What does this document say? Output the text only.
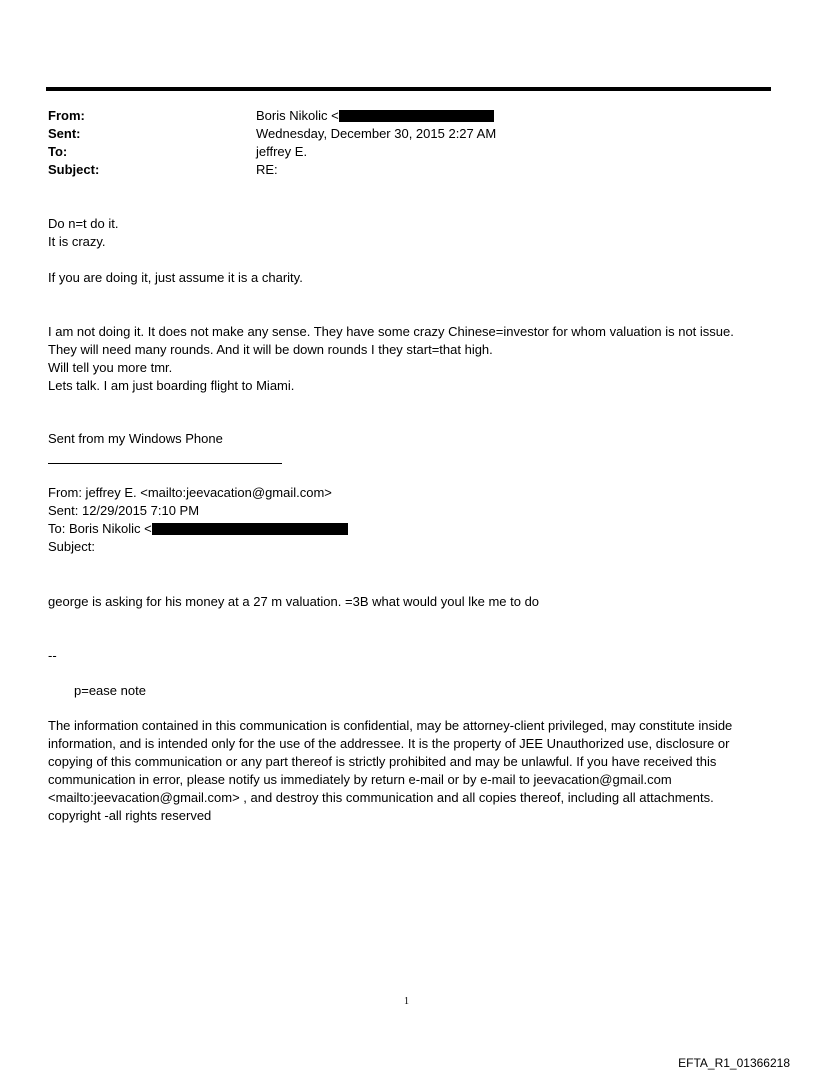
From:	Boris Nikolic <
Sent:	Wednesday, December 30, 2015 2:27 AM
To:	jeffrey E.
Subject:	RE:
Do n=t do it.
It is crazy.
If you are doing it, just assume it is a charity.
I am not doing it. It does not make any sense. They have some crazy Chinese=investor for whom valuation is not issue.
They will need many rounds. And it will be down rounds I they start=that high.
Will tell you more tmr.
Lets talk. I am just boarding flight to Miami.
Sent from my Windows Phone
From: jeffrey E. <mailto:jeevacation@gmail.com>
Sent: 12/29/2015 7:10 PM
To: Boris Nikolic <
Subject:
george is asking for his money at a 27 m valuation. =3B what would youl lke me to do
--
p=ease note
The information contained in this communication is confidential, may be attorney-client privileged, may constitute inside information, and is intended only for the use of the addressee. It is the property of JEE Unauthorized use, disclosure or copying of this communication or any part thereof is strictly prohibited and may be unlawful. If you have received this communication in error, please notify us immediately by return e-mail or by e-mail to jeevacation@gmail.com <mailto:jeevacation@gmail.com> , and destroy this communication and all copies thereof, including all attachments. copyright -all rights reserved
1
EFTA_R1_01366218
